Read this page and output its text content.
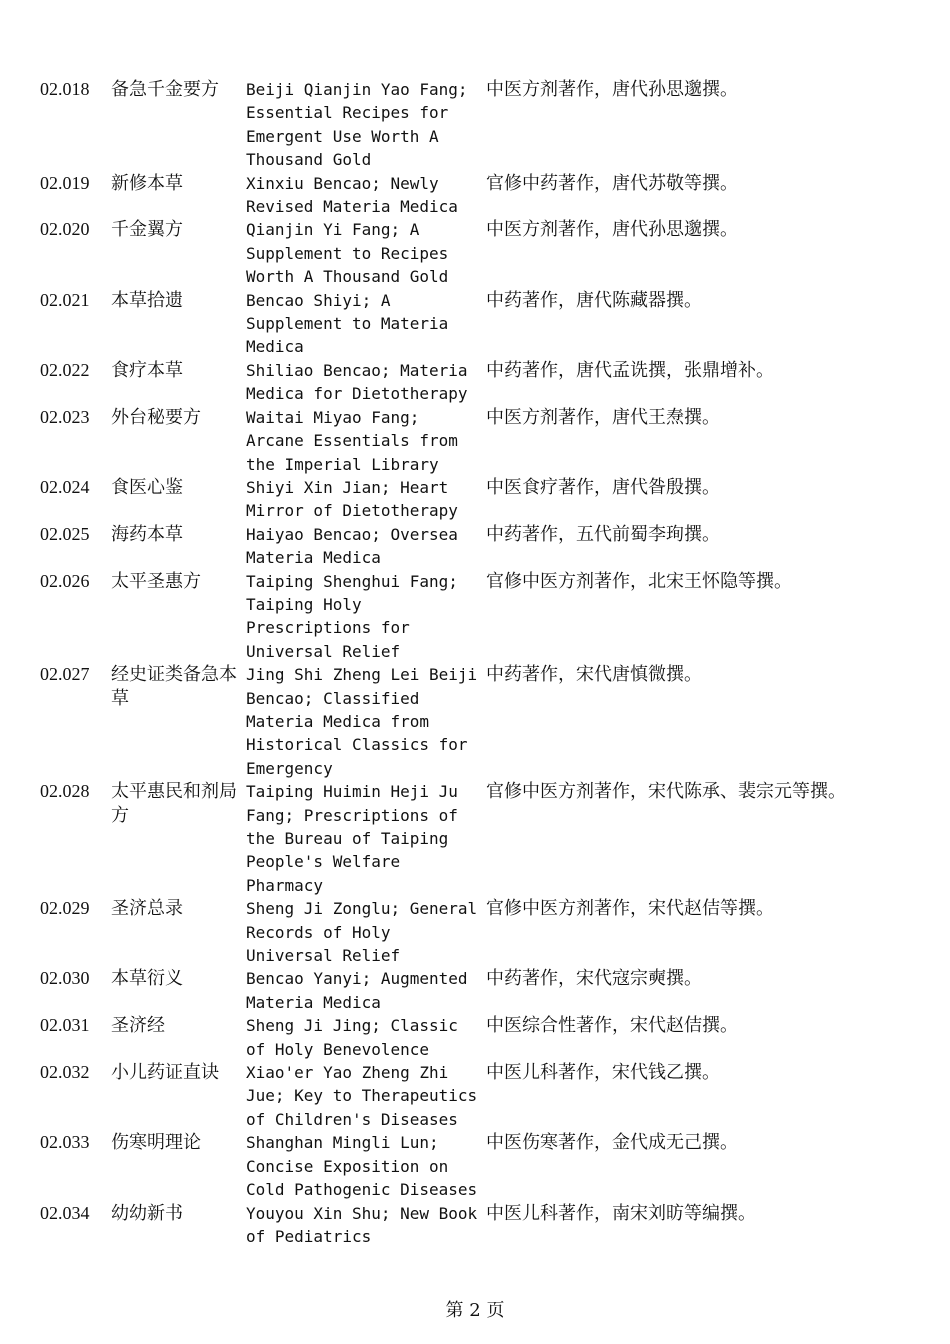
02.018	备急千金要方	Beiji Qianjin Yao Fang; Essential Recipes for Emergent Use Worth A Thousand Gold	中医方剂著作，唐代孙思邈撰。
02.019	新修本草	Xinxiu Bencao; Newly Revised Materia Medica	官修中药著作，唐代苏敬等撰。
02.020	千金翼方	Qianjin Yi Fang; A Supplement to Recipes Worth A Thousand Gold	中医方剂著作，唐代孙思邈撰。
02.021	本草拾遗	Bencao Shiyi; A Supplement to Materia Medica	中药著作，唐代陈藏器撰。
02.022	食疗本草	Shiliao Bencao; Materia Medica for Dietotherapy	中药著作，唐代孟诜撰，张鼎增补。
02.023	外台秘要方	Waitai Miyao Fang; Arcane Essentials from the Imperial Library	中医方剂著作，唐代王焘撰。
02.024	食医心鉴	Shiyi Xin Jian; Heart Mirror of Dietotherapy	中医食疗著作，唐代昝殷撰。
02.025	海药本草	Haiyao Bencao; Oversea Materia Medica	中药著作，五代前蜀李珣撰。
02.026	太平圣惠方	Taiping Shenghui Fang; Taiping Holy Prescriptions for Universal Relief	官修中医方剂著作，北宋王怀隐等撰。
02.027	经史证类备急本草	Jing Shi Zheng Lei Beiji Bencao; Classified Materia Medica from Historical Classics for Emergency	中药著作，宋代唐慎微撰。
02.028	太平惠民和剂局方	Taiping Huimin Heji Ju Fang; Prescriptions of the Bureau of Taiping People's Welfare Pharmacy	官修中医方剂著作，宋代陈承、裴宗元等撰。
02.029	圣济总录	Sheng Ji Zonglu; General Records of Holy Universal Relief	官修中医方剂著作，宋代赵佶等撰。
02.030	本草衍义	Bencao Yanyi; Augmented Materia Medica	中药著作，宋代寇宗奭撰。
02.031	圣济经	Sheng Ji Jing; Classic of Holy Benevolence	中医综合性著作，宋代赵佶撰。
02.032	小儿药证直诀	Xiao'er Yao Zheng Zhi Jue; Key to Therapeutics of Children's Diseases	中医儿科著作，宋代钱乙撰。
02.033	伤寒明理论	Shanghan Mingli Lun; Concise Exposition on Cold Pathogenic Diseases	中医伤寒著作，金代成无己撰。
02.034	幼幼新书	Youyou Xin Shu; New Book of Pediatrics	中医儿科著作，南宋刘昉等编撰。
第 2 页
